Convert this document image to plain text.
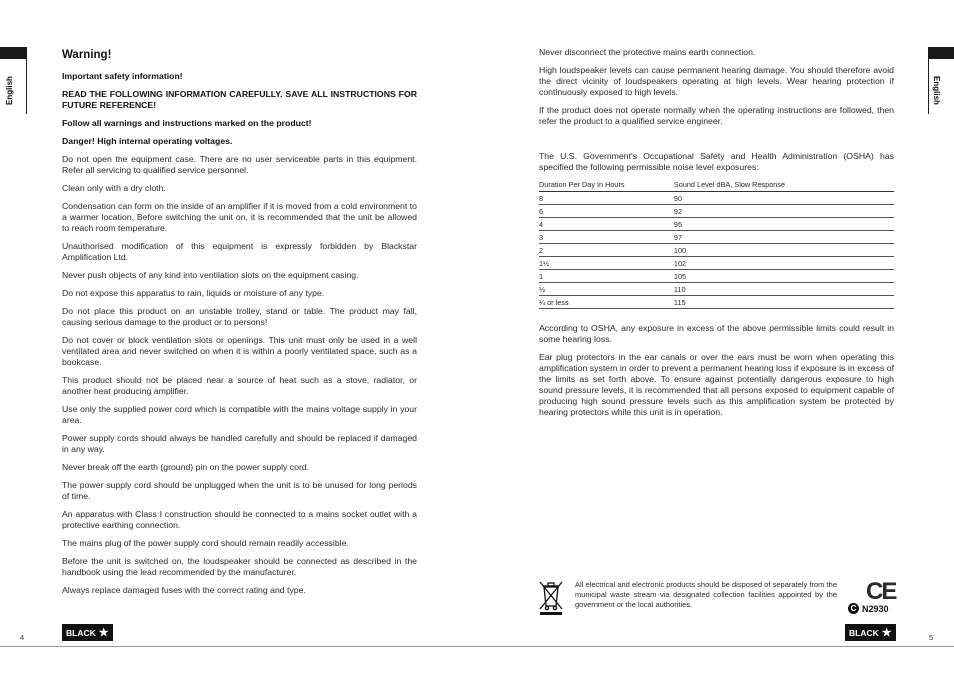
English
Warning!

Important safety information!

READ THE FOLLOWING INFORMATION CAREFULLY. SAVE ALL INSTRUCTIONS FOR FUTURE REFERENCE!

Follow all warnings and instructions marked on the product!

Danger! High internal operating voltages.

Do not open the equipment case. There are no user serviceable parts in this equipment. Refer all servicing to qualified service personnel.

Clean only with a dry cloth.

Condensation can form on the inside of an amplifier if it is moved from a cold environment to a warmer location. Before switching the unit on, it is recommended that the unit be allowed to reach room temperature.

Unauthorised modification of this equipment is expressly forbidden by Blackstar Amplification Ltd.

Never push objects of any kind into ventilation slots on the equipment casing.

Do not expose this apparatus to rain, liquids or moisture of any type.

Do not place this product on an unstable trolley, stand or table. The product may fall, causing serious damage to the product or to persons!

Do not cover or block ventilation slots or openings. This unit must only be used in a well ventilated area and never switched on when it is within a poorly ventilated space, such as a bookcase.

This product should not be placed near a source of heat such as a stove, radiator, or another heat producing amplifier.

Use only the supplied power cord which is compatible with the mains voltage supply in your area.

Power supply cords should always be handled carefully and should be replaced if damaged in any way.

Never break off the earth (ground) pin on the power supply cord.

The power supply cord should be unplugged when the unit is to be unused for long periods of time.

An apparatus with Class I construction should be connected to a mains socket outlet with a protective earthing connection.

The mains plug of the power supply cord should remain readily accessible.

Before the unit is switched on, the loudspeaker should be connected as described in the handbook using the lead recommended by the manufacturer.

Always replace damaged fuses with the correct rating and type.

4	BLACK ★
English

Never disconnect the protective mains earth connection.

High loudspeaker levels can cause permanent hearing damage. You should therefore avoid the direct vicinity of loudspeakers operating at high levels. Wear hearing protection if continuously exposed to high levels.

If the product does not operate normally when the operating instructions are followed, then refer the product to a qualified service engineer.

The U.S. Government's Occupational Safety and Health Administration (OSHA) has specified the following permissible noise level exposures:

Duration Per Day In Hours	Sound Level dBA, Slow Response
8	90
6	92
4	95
3	97
2	100
1½	102
1	105
½	110
¼ or less	115

According to OSHA, any exposure in excess of the above permissible limits could result in some hearing loss.

Ear plug protectors in the ear canals or over the ears must be worn when operating this amplification system in order to prevent a permanent hearing loss if exposure is in excess of the limits as set forth above. To ensure against potentially dangerous exposure to high sound pressure levels, it is recommended that all persons exposed to equipment capable of producing high sound pressure levels such as this amplification system be protected by hearing protectors while this unit is in operation.

All electrical and electronic products should be disposed of separately from the municipal waste stream via designated collection facilities appointed by the government or the local authorities.	CE
C N2930
5
BLACK ★
